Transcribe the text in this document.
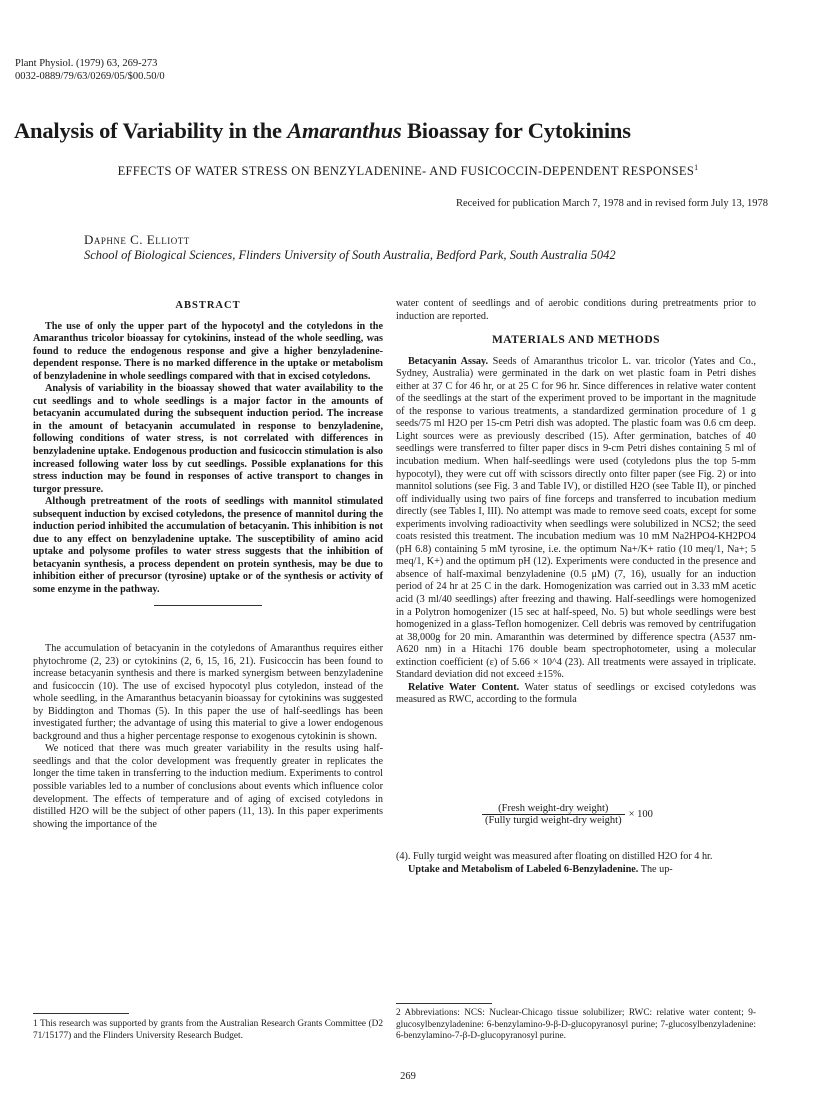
Plant Physiol. (1979) 63, 269-273
0032-0889/79/63/0269/05/$00.50/0
Analysis of Variability in the Amaranthus Bioassay for Cytokinins
EFFECTS OF WATER STRESS ON BENZYLADENINE- AND FUSICOCCIN-DEPENDENT RESPONSES$^1$
Received for publication March 7, 1978 and in revised form July 13, 1978
Daphne C. Elliott
School of Biological Sciences, Flinders University of South Australia, Bedford Park, South Australia 5042
ABSTRACT

The use of only the upper part of the hypocotyl and the cotyledons in the Amaranthus tricolor bioassay for cytokinins, instead of the whole seedling, was found to reduce the endogenous response and give a higher benzyladenine-dependent response. There is no marked difference in the uptake or metabolism of benzyladenine in whole seedlings compared with that in excised cotyledons.

Analysis of variability in the bioassay showed that water availability to the cut seedlings and to whole seedlings is a major factor in the amounts of betacyanin accumulated during the subsequent induction period. The increase in the amount of betacyanin accumulated in response to benzyladenine, following conditions of water stress, is not correlated with differences in benzyladenine uptake. Endogenous production and fusicoccin stimulation is also increased following water loss by cut seedlings. Possible explanations for this stress induction may be found in responses of active transport to changes in turgor pressure.

Although pretreatment of the roots of seedlings with mannitol stimulated subsequent induction by excised cotyledons, the presence of mannitol during the induction period inhibited the accumulation of betacyanin. This inhibition is not due to any effect on benzyladenine uptake. The susceptibility of amino acid uptake and polysome profiles to water stress suggests that the inhibition of betacyanin synthesis, a process dependent on protein synthesis, may be due to inhibition either of precursor (tyrosine) uptake or of the synthesis or activity of some enzyme in the pathway.

The accumulation of betacyanin in the cotyledons of Amaranthus requires either phytochrome (2, 23) or cytokinins (2, 6, 15, 16, 21). Fusicoccin has been found to increase betacyanin synthesis and there is marked synergism between benzyladenine and fusicoccin (10). The use of excised hypocotyl plus cotyledon, instead of the whole seedling, in the Amaranthus betacyanin bioassay for cytokinins was suggested by Biddington and Thomas (5). In this paper the use of half-seedlings has been investigated further; the advantage of using this material to give a lower endogenous background and thus a higher percentage response to exogenous cytokinin is shown.

We noticed that there was much greater variability in the results using half-seedlings and that the color development was frequently greater in replicates the longer the time taken in transferring to the induction medium. Experiments to control possible variables led to a number of conclusions about events which influence color development. The effects of temperature and of aging of excised cotyledons in distilled H2O will be the subject of other papers (11, 13). In this paper experiments showing the importance of the

1 This research was supported by grants from the Australian Research Grants Committee (D2 71/15177) and the Flinders University Research Budget.

water content of seedlings and of aerobic conditions during pretreatments prior to induction are reported.

MATERIALS AND METHODS

Betacyanin Assay. Seeds of Amaranthus tricolor L. var. tricolor (Yates and Co., Sydney, Australia) were germinated in the dark on wet plastic foam in Petri dishes either at 37 C for 46 hr, or at 25 C for 96 hr. Since differences in relative water content of the seedlings at the start of the experiment proved to be important in the magnitude of the response to various treatments, a standardized germination procedure of 1 g seeds/75 ml H2O per 15-cm Petri dish was adopted. The plastic foam was 0.6 cm deep. Light sources were as previously described (15). After germination, batches of 40 seedlings were transferred to filter paper discs in 9-cm Petri dishes containing 5 ml of incubation medium. When half-seedlings were used (cotyledons plus the top 5-mm hypocotyl), they were cut off with scissors directly onto filter paper (see Fig. 2) or into mannitol solutions (see Fig. 3 and Table IV), or distilled H2O (see Table II), or pinched off individually using two pairs of fine forceps and transferred to incubation medium directly (see Tables I, III). No attempt was made to remove seed coats, except for some experiments involving radioactivity when seedlings were solubilized in NCS2; the seed coats resisted this treatment. The incubation medium was 10 mM Na2HPO4-KH2PO4 (pH 6.8) containing 5 mM tyrosine, i.e. the optimum Na+/K+ ratio (10 meq/1, Na+; 5 meq/1, K+) and the optimum pH (12). Experiments were conducted in the presence and absence of half-maximal benzyladenine (0.5 μM) (7, 16), usually for an induction period of 24 hr at 25 C in the dark. Homogenization was carried out in 3.33 mM acetic acid (3 ml/40 seedlings) after freezing and thawing. Half-seedlings were homogenized in a Polytron homogenizer (15 sec at half-speed, No. 5) but whole seedlings were best homogenized in a glass-Teflon homogenizer. Cell debris was removed by centrifugation at 38,000g for 20 min. Amaranthin was determined by difference spectra (A537 nm-A620 nm) in a Hitachi 176 double beam spectrophotometer, using a molecular extinction coefficient (ε) of 5.66 × 10^4 (23). All treatments were assayed in triplicate. Standard deviation did not exceed ±15%.

Relative Water Content. Water status of seedlings or excised cotyledons was measured as RWC, according to the formula

$\frac{\text{(Fresh weight-dry weight)}}{\text{(Fully turgid weight-dry weight)}} \times 100$

(4). Fully turgid weight was measured after floating on distilled H2O for 4 hr.

Uptake and Metabolism of Labeled 6-Benzyladenine. The up-

2 Abbreviations: NCS: Nuclear-Chicago tissue solubilizer; RWC: relative water content; 9-glucosylbenzyladenine: 6-benzylamino-9-β-D-glucopyranosyl purine; 7-glucosylbenzyladenine: 6-benzylamino-7-β-D-glucopyranosyl purine.
269
